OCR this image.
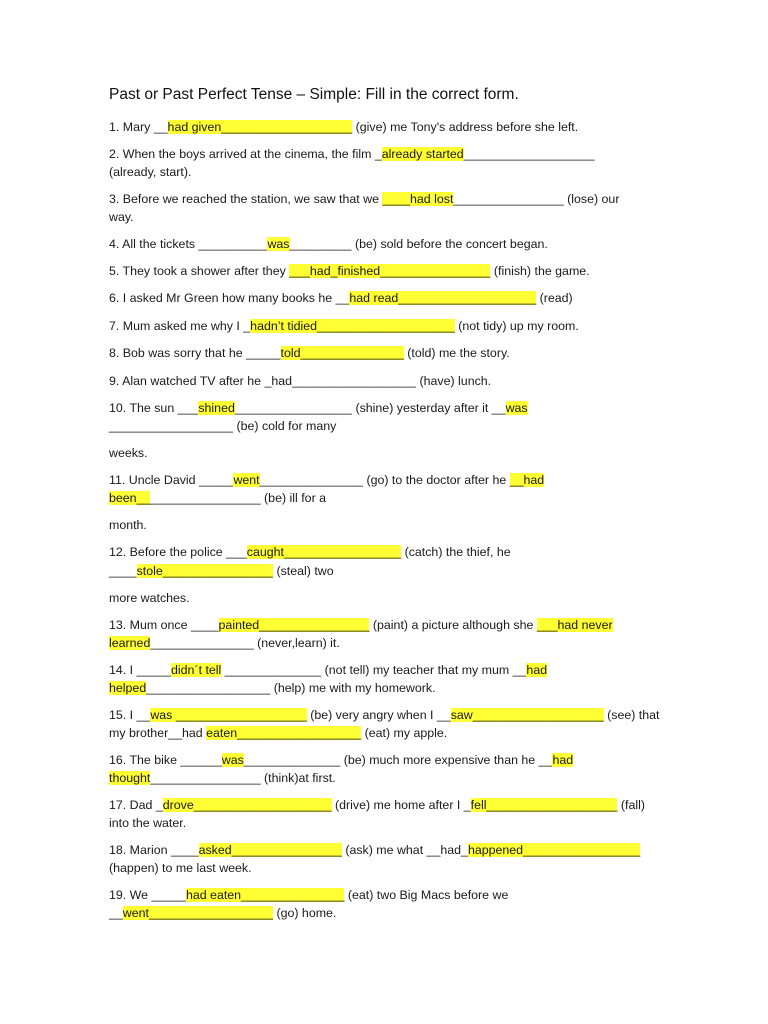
Past or Past Perfect Tense – Simple: Fill in the correct form.
1. Mary __had given___________________ (give) me Tony's address before she left.
2. When the boys arrived at the cinema, the film _already started___________________
(already, start).
3. Before we reached the station, we saw that we ____had lost________________ (lose) our
way.
4. All the tickets __________was_________ (be) sold before the concert began.
5. They took a shower after they ___had_finished________________ (finish) the game.
6. I asked Mr Green how many books he __had read____________________ (read)
7. Mum asked me why I _hadn’t tidied____________________ (not tidy) up my room.
8. Bob was sorry that he _____told_______________ (told) me the story.
9. Alan watched TV after he _had__________________ (have) lunch.
10. The sun ___shined_________________ (shine) yesterday after it __was
__________________ (be) cold for many
weeks.
11. Uncle David _____went_______________ (go) to the doctor after he __had
been__________________ (be) ill for a
month.
12. Before the police ___caught_________________ (catch) the thief, he
____stole________________ (steal) two
more watches.
13. Mum once ____painted________________ (paint) a picture although she ___had never
learned_______________ (never,learn) it.
14. I _____didn´t tell ______________ (not tell) my teacher that my mum __had
helped__________________ (help) me with my homework.
15. I __was ___________________ (be) very angry when I __saw___________________ (see) that
my brother__had eaten__________________ (eat) my apple.
16. The bike ______was______________ (be) much more expensive than he __had
thought________________ (think)at first.
17. Dad _drove____________________ (drive) me home after I _fell___________________ (fall)
into the water.
18. Marion ____asked________________ (ask) me what __had_happened_________________
(happen) to me last week.
19. We _____had eaten_______________ (eat) two Big Macs before we
__went__________________ (go) home.
